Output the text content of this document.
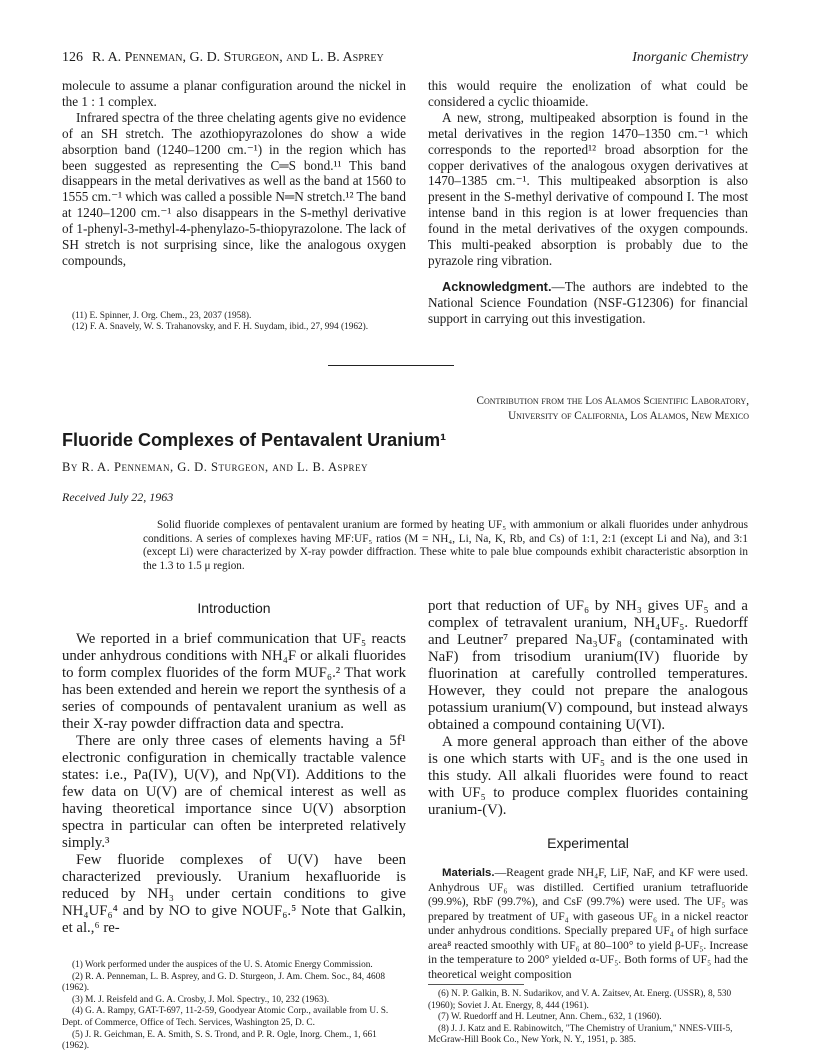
126 R. A. Penneman, G. D. Sturgeon, and L. B. Asprey	Inorganic Chemistry

molecule to assume a planar configuration around the nickel in the 1 : 1 complex.

Infrared spectra of the three chelating agents give no evidence of an SH stretch. The azothiopyrazolones do show a wide absorption band (1240–1200 cm.⁻¹) in the region which has been suggested as representing the C═S bond.¹¹ This band disappears in the metal derivatives as well as the band at 1560 to 1555 cm.⁻¹ which was called a possible N═N stretch.¹² The band at 1240–1200 cm.⁻¹ also disappears in the S-methyl derivative of 1-phenyl-3-methyl-4-phenylazo-5-thiopyrazolone. The lack of SH stretch is not surprising since, like the analogous oxygen compounds,

(11) E. Spinner, J. Org. Chem., 23, 2037 (1958).
(12) F. A. Snavely, W. S. Trahanovsky, and F. H. Suydam, ibid., 27, 994 (1962).

this would require the enolization of what could be considered a cyclic thioamide.

A new, strong, multipeaked absorption is found in the metal derivatives in the region 1470–1350 cm.⁻¹ which corresponds to the reported¹² broad absorption for the copper derivatives of the analogous oxygen derivatives at 1470–1385 cm.⁻¹. This multipeaked absorption is also present in the S-methyl derivative of compound I. The most intense band in this region is at lower frequencies than found in the metal derivatives of the oxygen compounds. This multi-peaked absorption is probably due to the pyrazole ring vibration.

Acknowledgment.—The authors are indebted to the National Science Foundation (NSF-G12306) for financial support in carrying out this investigation.

Contribution from the Los Alamos Scientific Laboratory,
University of California, Los Alamos, New Mexico
Fluoride Complexes of Pentavalent Uranium¹
By R. A. Penneman, G. D. Sturgeon, and L. B. Asprey
Received July 22, 1963

Solid fluoride complexes of pentavalent uranium are formed by heating UF₅ with ammonium or alkali fluorides under anhydrous conditions. A series of complexes having MF:UF₅ ratios (M = NH₄, Li, Na, K, Rb, and Cs) of 1:1, 2:1 (except Li and Na), and 3:1 (except Li) were characterized by X-ray powder diffraction. These white to pale blue compounds exhibit characteristic absorption in the 1.3 to 1.5 μ region.

Introduction

We reported in a brief communication that UF₅ reacts under anhydrous conditions with NH₄F or alkali fluorides to form complex fluorides of the form MUF₆.² That work has been extended and herein we report the synthesis of a series of compounds of pentavalent uranium as well as their X-ray powder diffraction data and spectra.

There are only three cases of elements having a 5f¹ electronic configuration in chemically tractable valence states: i.e., Pa(IV), U(V), and Np(VI). Additions to the few data on U(V) are of chemical interest as well as having theoretical importance since U(V) absorption spectra in particular can often be interpreted relatively simply.³

Few fluoride complexes of U(V) have been characterized previously. Uranium hexafluoride is reduced by NH₃ under certain conditions to give NH₄UF₆⁴ and by NO to give NOUF₆.⁵ Note that Galkin, et al.,⁶ re-

port that reduction of UF₆ by NH₃ gives UF₅ and a complex of tetravalent uranium, NH₄UF₅. Ruedorff and Leutner⁷ prepared Na₃UF₈ (contaminated with NaF) from trisodium uranium(IV) fluoride by fluorination at carefully controlled temperatures. However, they could not prepare the analogous potassium uranium(V) compound, but instead always obtained a compound containing U(VI).

A more general approach than either of the above is one which starts with UF₅ and is the one used in this study. All alkali fluorides were found to react with UF₅ to produce complex fluorides containing uranium-(V).

Experimental

Materials.—Reagent grade NH₄F, LiF, NaF, and KF were used. Anhydrous UF₆ was distilled. Certified uranium tetrafluoride (99.9%), RbF (99.7%), and CsF (99.7%) were used. The UF₅ was prepared by treatment of UF₄ with gaseous UF₆ in a nickel reactor under anhydrous conditions. Specially prepared UF₄ of high surface area⁸ reacted smoothly with UF₆ at 80–100° to yield β-UF₅. Increase in the temperature to 200° yielded α-UF₅. Both forms of UF₅ had the theoretical weight composition

(1) Work performed under the auspices of the U. S. Atomic Energy Commission.
(2) R. A. Penneman, L. B. Asprey, and G. D. Sturgeon, J. Am. Chem. Soc., 84, 4608 (1962).
(3) M. J. Reisfeld and G. A. Crosby, J. Mol. Spectry., 10, 232 (1963).
(4) G. A. Rampy, GAT-T-697, 11-2-59, Goodyear Atomic Corp., available from U. S. Dept. of Commerce, Office of Tech. Services, Washington 25, D. C.
(5) J. R. Geichman, E. A. Smith, S. S. Trond, and P. R. Ogle, Inorg. Chem., 1, 661 (1962).
(6) N. P. Galkin, B. N. Sudarikov, and V. A. Zaitsev, At. Energ. (USSR), 8, 530 (1960); Soviet J. At. Energy, 8, 444 (1961).
(7) W. Ruedorff and H. Leutner, Ann. Chem., 632, 1 (1960).
(8) J. J. Katz and E. Rabinowitch, "The Chemistry of Uranium," NNES-VIII-5, McGraw-Hill Book Co., New York, N. Y., 1951, p. 385.
